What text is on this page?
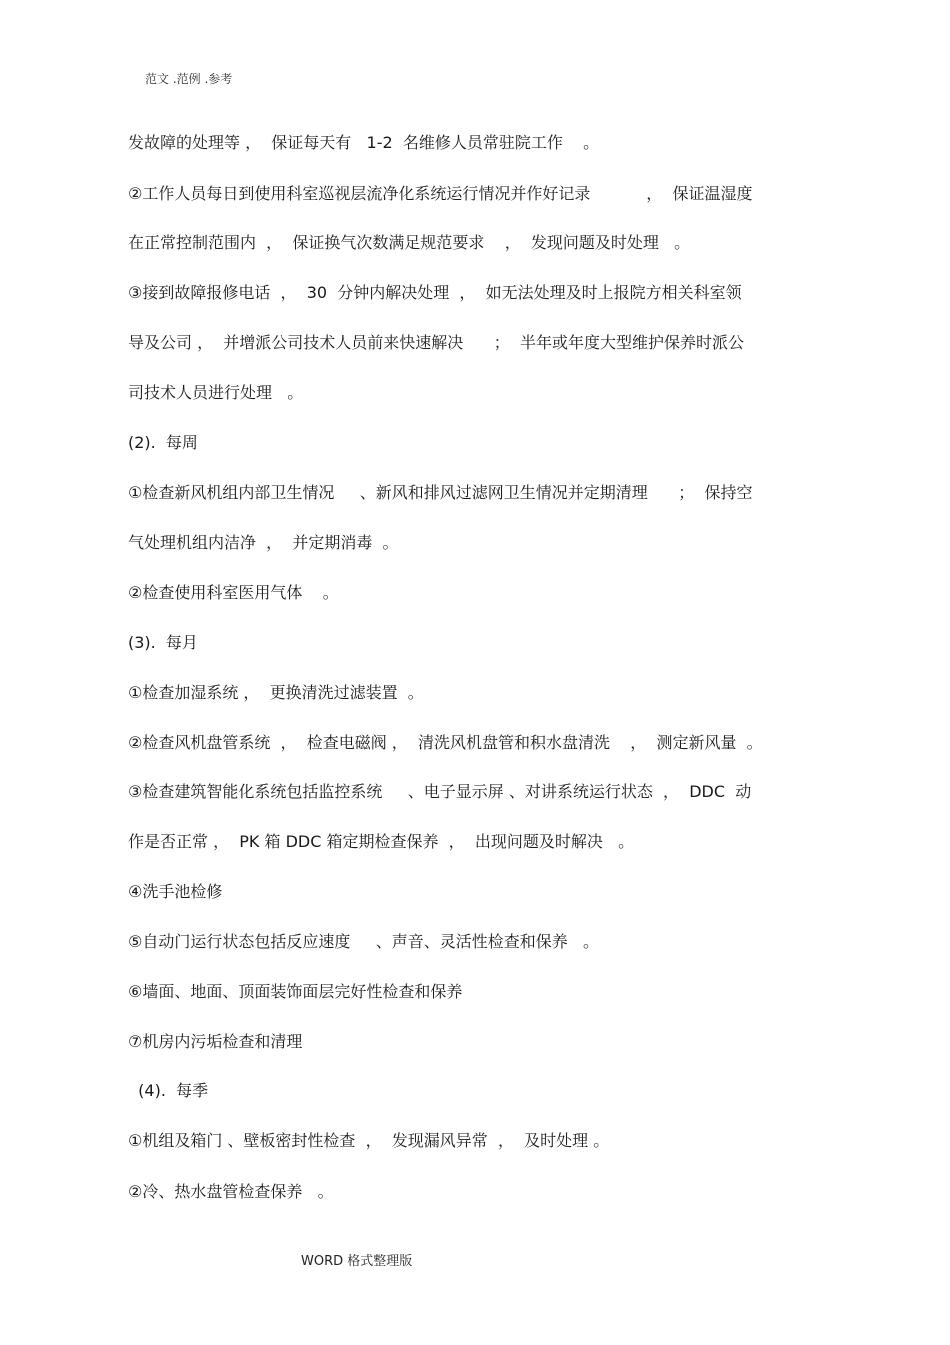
范文 .范例 .参考
发故障的处理等 ，  保证每天有   1-2  名维修人员常驻院工作    。
②工作人员每日到使用科室巡视层流净化系统运行情况并作好记录           ，  保证温湿度
在正常控制范围内  ，  保证换气次数满足规范要求    ，  发现问题及时处理   。
③接到故障报修电话  ，  30  分钟内解决处理  ，  如无法处理及时上报院方相关科室领
导及公司 ，  并增派公司技术人员前来快速解决      ；  半年或年度大型维护保养时派公
司技术人员进行处理   。
(2).  每周
①检查新风机组内部卫生情况     、新风和排风过滤网卫生情况并定期清理      ；  保持空
气处理机组内洁净  ，  并定期消毒  。
②检查使用科室医用气体    。
(3).  每月
①检查加湿系统 ，  更换清洗过滤装置  。
②检查风机盘管系统  ，  检查电磁阀 ，  清洗风机盘管和积水盘清洗    ，  测定新风量  。
③检查建筑智能化系统包括监控系统     、电子显示屏 、对讲系统运行状态  ，  DDC  动
作是否正常 ，  PK 箱 DDC 箱定期检查保养  ，  出现问题及时解决   。
④洗手池检修
⑤自动门运行状态包括反应速度     、声音、灵活性检查和保养   。
⑥墙面、地面、顶面装饰面层完好性检查和保养
⑦机房内污垢检查和清理
(4).  每季
①机组及箱门 、壁板密封性检查  ，  发现漏风异常  ，  及时处理 。
②冷、热水盘管检查保养   。
WORD 格式整理版
